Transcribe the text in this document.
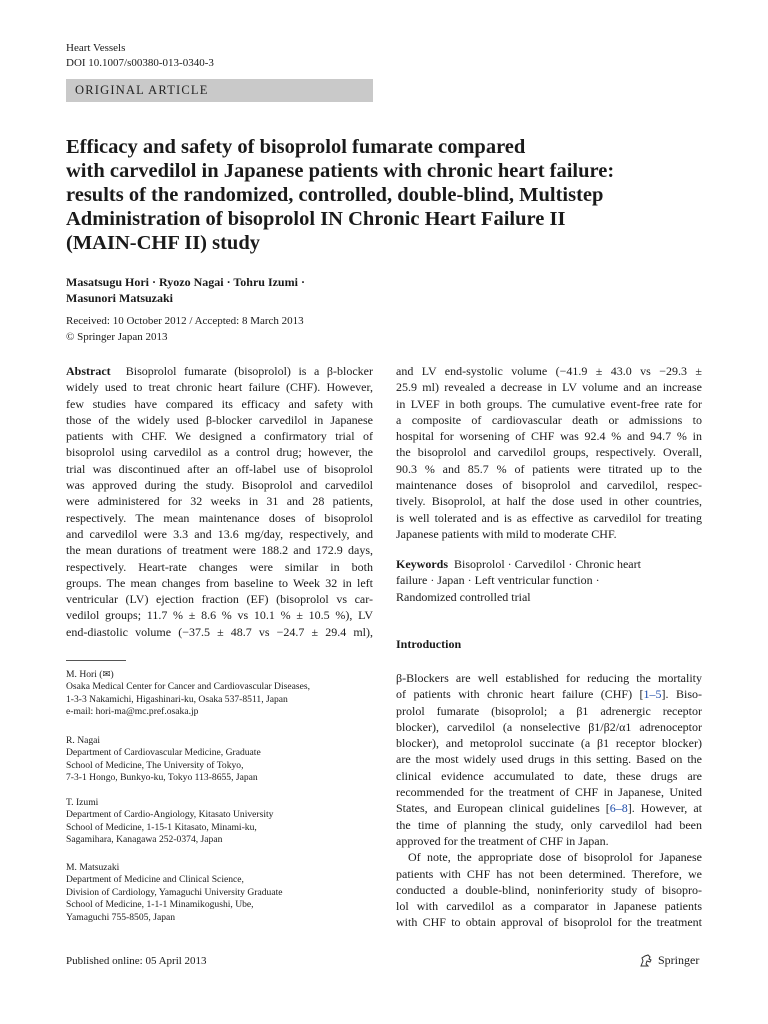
Heart Vessels
DOI 10.1007/s00380-013-0340-3
ORIGINAL ARTICLE
Efficacy and safety of bisoprolol fumarate compared
with carvedilol in Japanese patients with chronic heart failure:
results of the randomized, controlled, double-blind, Multistep
Administration of bisoprolol IN Chronic Heart Failure II
(MAIN-CHF II) study
Masatsugu Hori · Ryozo Nagai · Tohru Izumi ·
Masunori Matsuzaki
Received: 10 October 2012 / Accepted: 8 March 2013
© Springer Japan 2013
Abstract Bisoprolol fumarate (bisoprolol) is a β-blocker
widely used to treat chronic heart failure (CHF). However,
few studies have compared its efficacy and safety with
those of the widely used β-blocker carvedilol in Japanese
patients with CHF. We designed a confirmatory trial of
bisoprolol using carvedilol as a control drug; however, the
trial was discontinued after an off-label use of bisoprolol
was approved during the study. Bisoprolol and carvedilol
were administered for 32 weeks in 31 and 28 patients,
respectively. The mean maintenance doses of bisoprolol
and carvedilol were 3.3 and 13.6 mg/day, respectively, and
the mean durations of treatment were 188.2 and 172.9 days,
respectively. Heart-rate changes were similar in both
groups. The mean changes from baseline to Week 32 in left
ventricular (LV) ejection fraction (EF) (bisoprolol vs car-
vedilol groups; 11.7 % ± 8.6 % vs 10.1 % ± 10.5 %), LV
end-diastolic volume (−37.5 ± 48.7 vs −24.7 ± 29.4 ml),
and LV end-systolic volume (−41.9 ± 43.0 vs −29.3 ±
25.9 ml) revealed a decrease in LV volume and an increase
in LVEF in both groups. The cumulative event-free rate for
a composite of cardiovascular death or admissions to
hospital for worsening of CHF was 92.4 % and 94.7 % in
the bisoprolol and carvedilol groups, respectively. Overall,
90.3 % and 85.7 % of patients were titrated up to the
maintenance doses of bisoprolol and carvedilol, respec-
tively. Bisoprolol, at half the dose used in other countries,
is well tolerated and is as effective as carvedilol for treating
Japanese patients with mild to moderate CHF.
Keywords Bisoprolol · Carvedilol · Chronic heart
failure · Japan · Left ventricular function ·
Randomized controlled trial
M. Hori (✉)
Osaka Medical Center for Cancer and Cardiovascular Diseases,
1-3-3 Nakamichi, Higashinari-ku, Osaka 537-8511, Japan
e-mail: hori-ma@mc.pref.osaka.jp
R. Nagai
Department of Cardiovascular Medicine, Graduate
School of Medicine, The University of Tokyo,
7-3-1 Hongo, Bunkyo-ku, Tokyo 113-8655, Japan
T. Izumi
Department of Cardio-Angiology, Kitasato University
School of Medicine, 1-15-1 Kitasato, Minami-ku,
Sagamihara, Kanagawa 252-0374, Japan
M. Matsuzaki
Department of Medicine and Clinical Science,
Division of Cardiology, Yamaguchi University Graduate
School of Medicine, 1-1-1 Minamikogushi, Ube,
Yamaguchi 755-8505, Japan
Introduction
β-Blockers are well established for reducing the mortality
of patients with chronic heart failure (CHF) [1–5]. Biso-
prolol fumarate (bisoprolol; a β1 adrenergic receptor
blocker), carvedilol (a nonselective β1/β2/α1 adrenoceptor
blocker), and metoprolol succinate (a β1 receptor blocker)
are the most widely used drugs in this setting. Based on the
clinical evidence accumulated to date, these drugs are
recommended for the treatment of CHF in Japanese, United
States, and European clinical guidelines [6–8]. However, at
the time of planning the study, only carvedilol had been
approved for the treatment of CHF in Japan.
Of note, the appropriate dose of bisoprolol for Japanese
patients with CHF has not been determined. Therefore, we
conducted a double-blind, noninferiority study of bisopro-
lol with carvedilol as a comparator in Japanese patients
with CHF to obtain approval of bisoprolol for the treatment
Published online: 05 April 2013	Springer
